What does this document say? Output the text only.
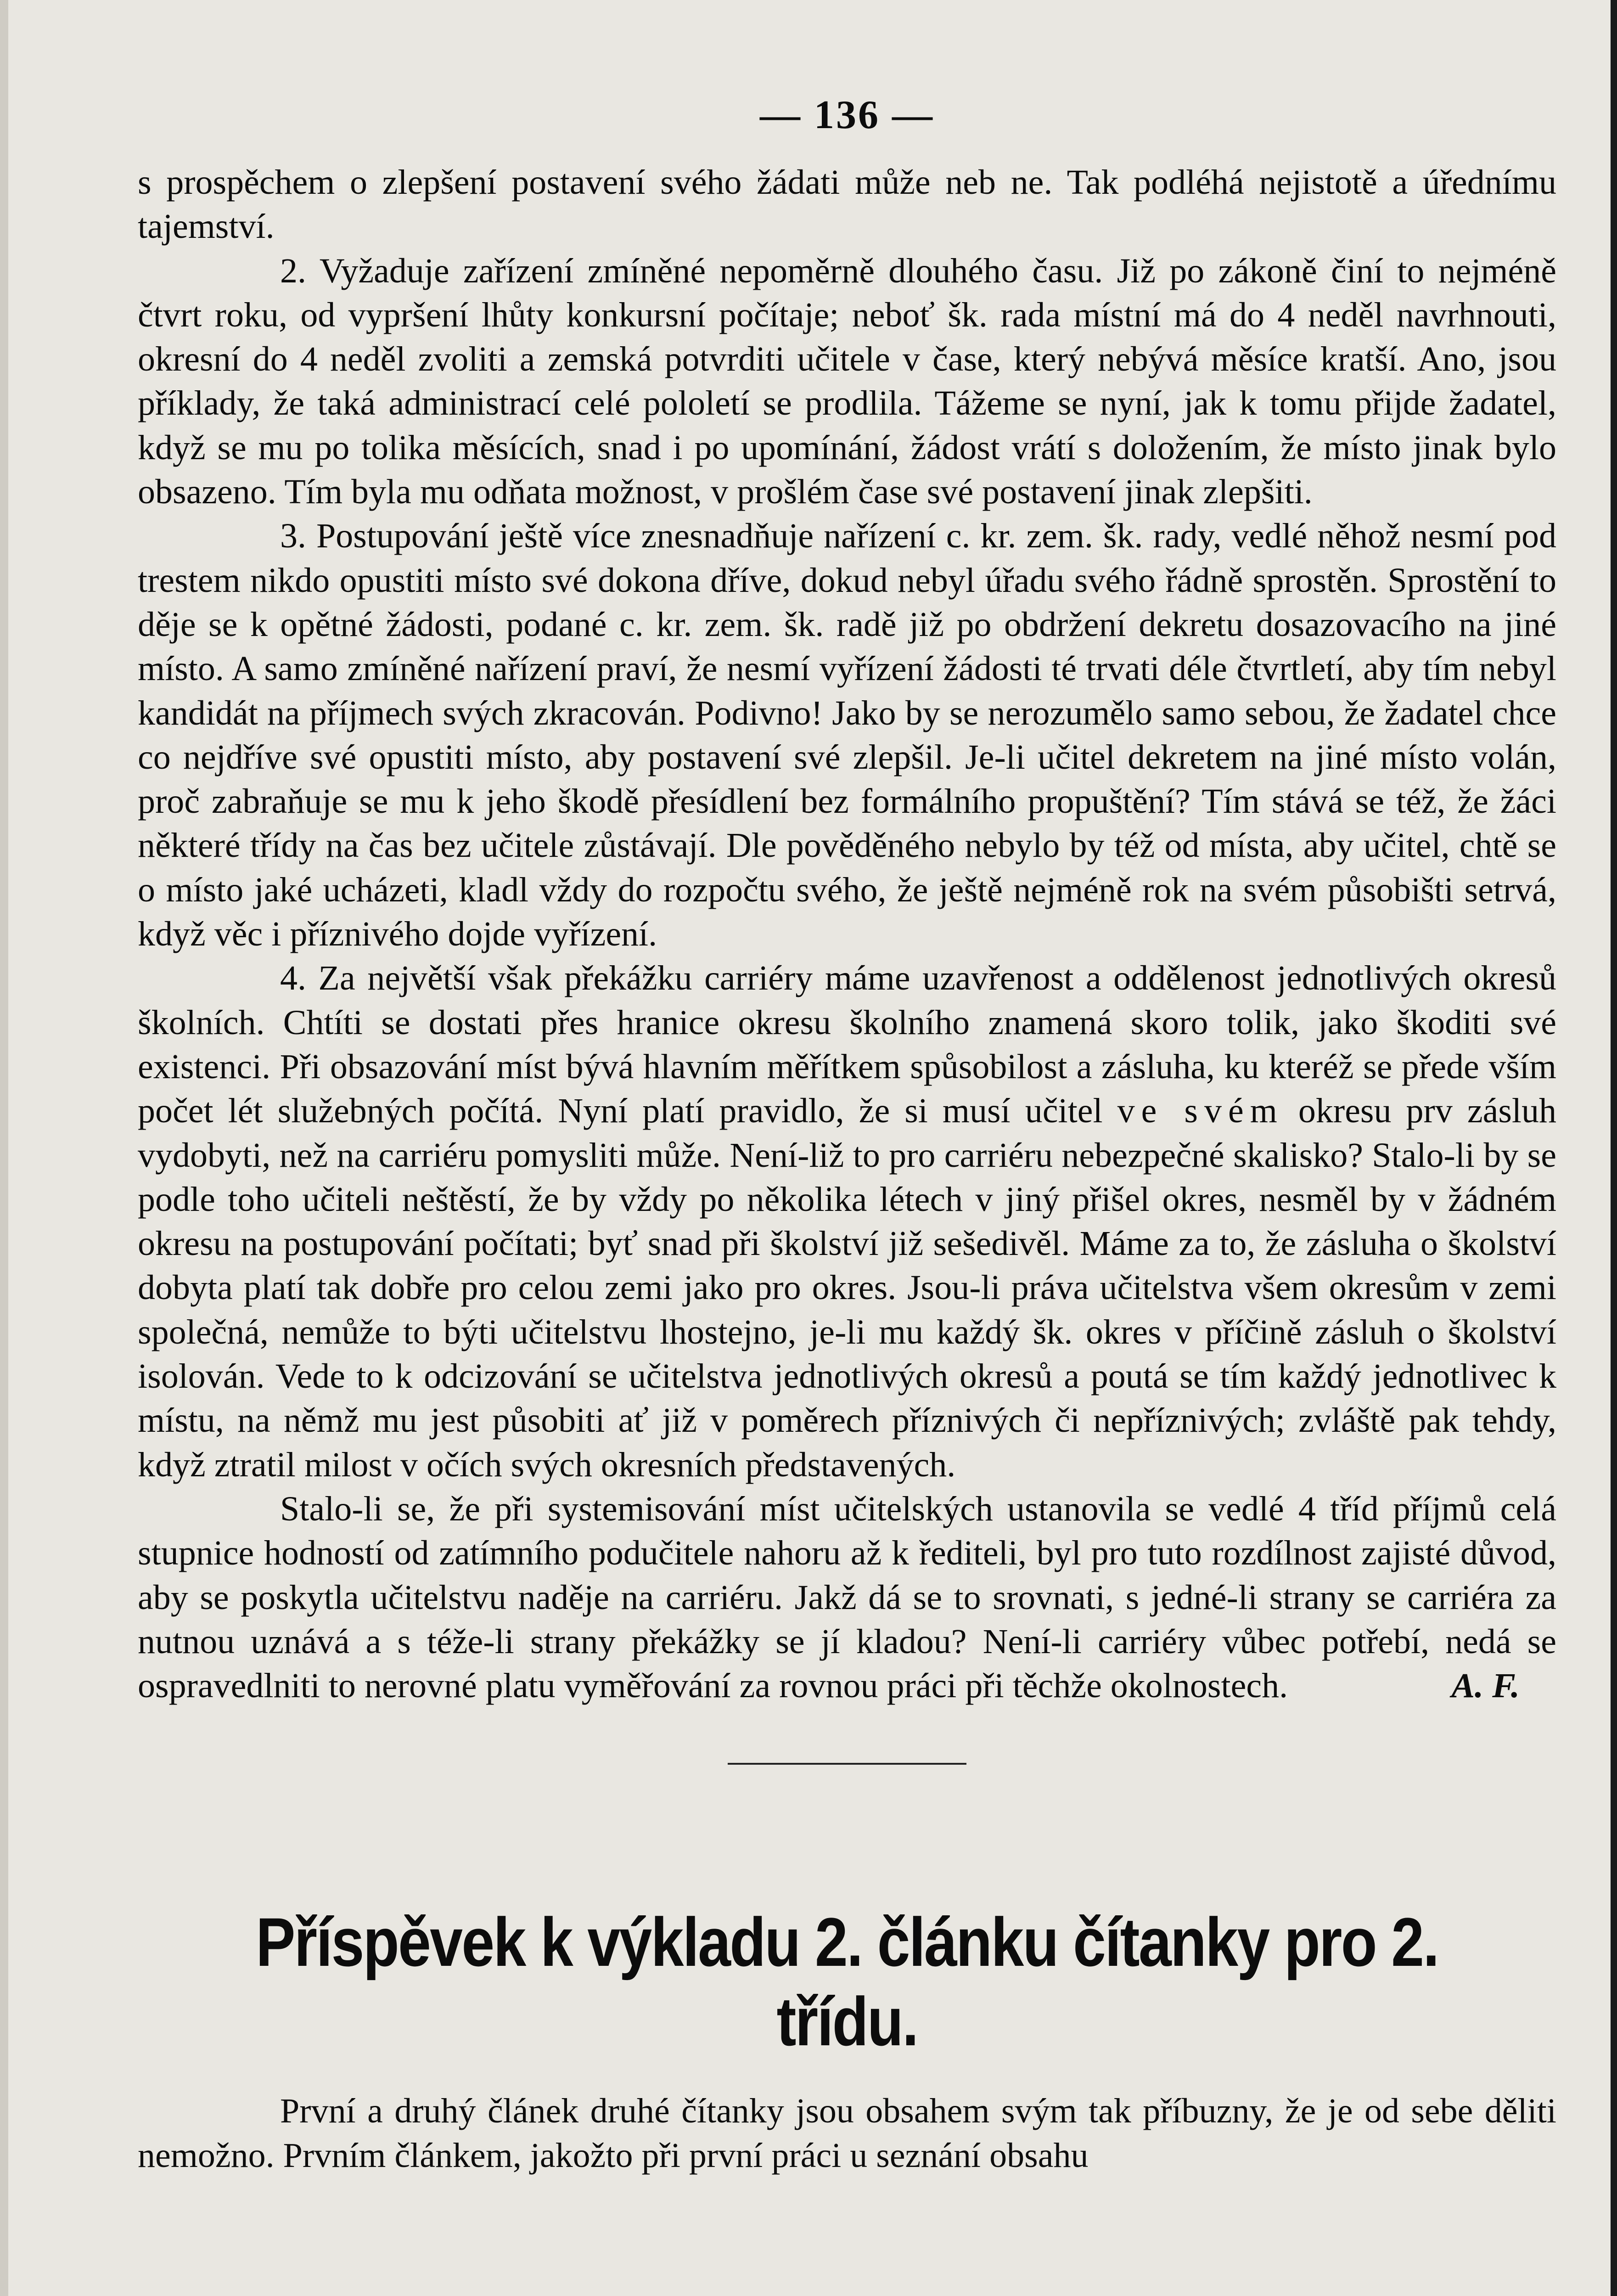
— 136 —

s prospěchem o zlepšení postavení svého žádati může neb ne. Tak podléhá nejistotě a úřednímu tajemství.

2. Vyžaduje zařízení zmíněné nepoměrně dlouhého času. Již po zákoně činí to nejméně čtvrt roku, od vypršení lhůty konkursní počítaje; neboť šk. rada místní má do 4 neděl navrhnouti, okresní do 4 neděl zvoliti a zemská potvrditi učitele v čase, který nebývá měsíce kratší. Ano, jsou příklady, že taká administrací celé pololetí se prodlila. Tážeme se nyní, jak k tomu přijde žadatel, když se mu po tolika měsících, snad i po upomínání, žádost vrátí s doložením, že místo jinak bylo obsazeno. Tím byla mu odňata možnost, v prošlém čase své postavení jinak zlepšiti.

3. Postupování ještě více znesnadňuje nařízení c. kr. zem. šk. rady, vedlé něhož nesmí pod trestem nikdo opustiti místo své dokona dříve, dokud nebyl úřadu svého řádně sprostěn. Sprostění to děje se k opětné žádosti, podané c. kr. zem. šk. radě již po obdržení dekretu dosazovacího na jiné místo. A samo zmíněné nařízení praví, že nesmí vyřízení žádosti té trvati déle čtvrtletí, aby tím nebyl kandidát na příjmech svých zkracován. Podivno! Jako by se nerozumělo samo sebou, že žadatel chce co nejdříve své opustiti místo, aby postavení své zlepšil. Je-li učitel dekretem na jiné místo volán, proč zabraňuje se mu k jeho škodě přesídlení bez formálního propuštění? Tím stává se též, že žáci některé třídy na čas bez učitele zůstávají. Dle pověděného nebylo by též od místa, aby učitel, chtě se o místo jaké ucházeti, kladl vždy do rozpočtu svého, že ještě nejméně rok na svém působišti setrvá, když věc i příznivého dojde vyřízení.

4. Za největší však překážku carriéry máme uzavřenost a oddělenost jednotlivých okresů školních. Chtíti se dostati přes hranice okresu školního znamená skoro tolik, jako škoditi své existenci. Při obsazování míst bývá hlavním měřítkem spůsobilost a zásluha, ku kteréž se přede vším počet lét služebných počítá. Nyní platí pravidlo, že si musí učitel ve svém okresu prv zásluh vydobyti, než na carriéru pomysliti může. Není-liž to pro carriéru nebezpečné skalisko? Stalo-li by se podle toho učiteli neštěstí, že by vždy po několika létech v jiný přišel okres, nesměl by v žádném okresu na postupování počítati; byť snad při školství již sešedivěl. Máme za to, že zásluha o školství dobyta platí tak dobře pro celou zemi jako pro okres. Jsou-li práva učitelstva všem okresům v zemi společná, nemůže to býti učitelstvu lhostejno, je-li mu každý šk. okres v příčině zásluh o školství isolován. Vede to k odcizování se učitelstva jednotlivých okresů a poutá se tím každý jednotlivec k místu, na němž mu jest působiti ať již v poměrech příznivých či nepříznivých; zvláště pak tehdy, když ztratil milost v očích svých okresních představených.

Stalo-li se, že při systemisování míst učitelských ustanovila se vedlé 4 tříd příjmů celá stupnice hodností od zatímního podučitele nahoru až k řediteli, byl pro tuto rozdílnost zajisté důvod, aby se poskytla učitelstvu naděje na carriéru. Jakž dá se to srovnati, s jedné-li strany se carriéra za nutnou uznává a s téže-li strany překážky se jí kladou? Není-li carriéry vůbec potřebí, nedá se ospravedlniti to nerovné platu vyměřování za rovnou práci při těchže okolnostech.	A. F.

Příspěvek k výkladu 2. článku čítanky pro 2. třídu.

První a druhý článek druhé čítanky jsou obsahem svým tak příbuzny, že je od sebe děliti nemožno. Prvním článkem, jakožto při první práci u seznání obsahu
